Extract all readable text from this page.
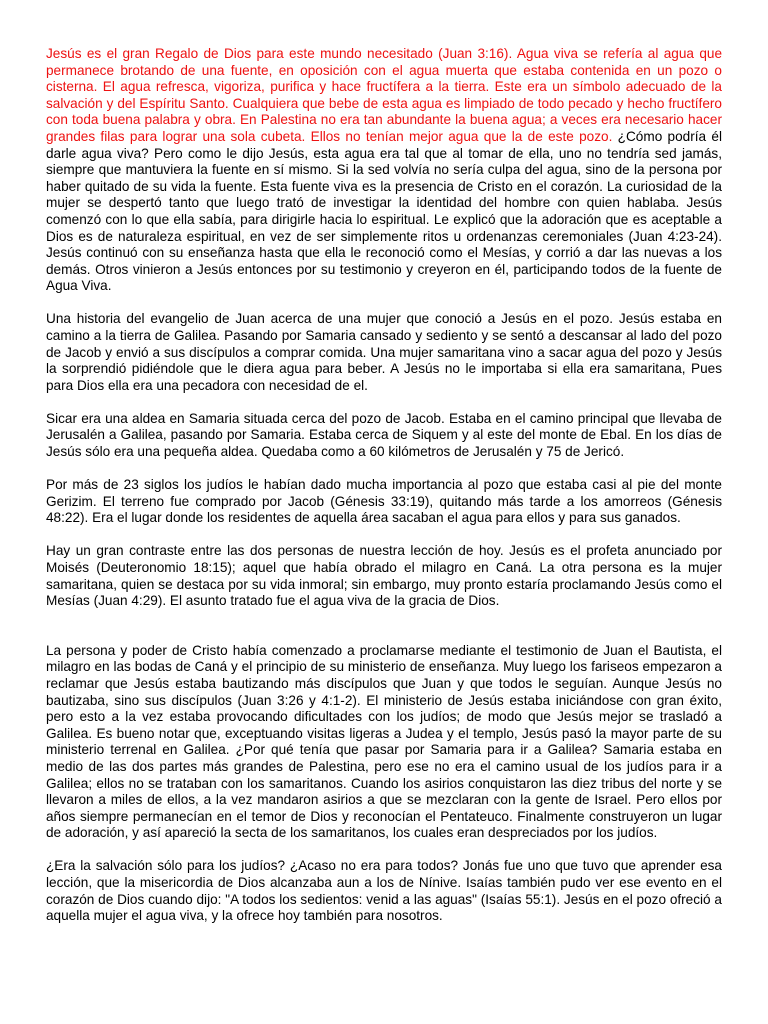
Jesús es el gran Regalo de Dios para este mundo necesitado (Juan 3:16). Agua viva se refería al agua que permanece brotando de una fuente, en oposición con el agua muerta que estaba contenida en un pozo o cisterna. El agua refresca, vigoriza, purifica y hace fructífera a la tierra. Este era un símbolo adecuado de la salvación y del Espíritu Santo. Cualquiera que bebe de esta agua es limpiado de todo pecado y hecho fructífero con toda buena palabra y obra. En Palestina no era tan abundante la buena agua; a veces era necesario hacer grandes filas para lograr una sola cubeta. Ellos no tenían mejor agua que la de este pozo. ¿Cómo podría él darle agua viva? Pero como le dijo Jesús, esta agua era tal que al tomar de ella, uno no tendría sed jamás, siempre que mantuviera la fuente en sí mismo. Si la sed volvía no sería culpa del agua, sino de la persona por haber quitado de su vida la fuente. Esta fuente viva es la presencia de Cristo en el corazón. La curiosidad de la mujer se despertó tanto que luego trató de investigar la identidad del hombre con quien hablaba. Jesús comenzó con lo que ella sabía, para dirigirle hacia lo espiritual. Le explicó que la adoración que es aceptable a Dios es de naturaleza espiritual, en vez de ser simplemente ritos u ordenanzas ceremoniales (Juan 4:23-24). Jesús continuó con su enseñanza hasta que ella le reconoció como el Mesías, y corrió a dar las nuevas a los demás. Otros vinieron a Jesús entonces por su testimonio y creyeron en él, participando todos de la fuente de Agua Viva.

Una historia del evangelio de Juan acerca de una mujer que conoció a Jesús en el pozo. Jesús estaba en camino a la tierra de Galilea. Pasando por Samaria cansado y sediento y se sentó a descansar al lado del pozo de Jacob y envió a sus discípulos a comprar comida. Una mujer samaritana vino a sacar agua del pozo y Jesús la sorprendió pidiéndole que le diera agua para beber. A Jesús no le importaba si ella era samaritana, Pues para Dios ella era una pecadora con necesidad de el.

Sicar era una aldea en Samaria situada cerca del pozo de Jacob. Estaba en el camino principal que llevaba de Jerusalén a Galilea, pasando por Samaria. Estaba cerca de Siquem y al este del monte de Ebal. En los días de Jesús sólo era una pequeña aldea. Quedaba como a 60 kilómetros de Jerusalén y 75 de Jericó.

Por más de 23 siglos los judíos le habían dado mucha importancia al pozo que estaba casi al pie del monte Gerizim. El terreno fue comprado por Jacob (Génesis 33:19), quitando más tarde a los amorreos (Génesis 48:22). Era el lugar donde los residentes de aquella área sacaban el agua para ellos y para sus ganados.

Hay un gran contraste entre las dos personas de nuestra lección de hoy. Jesús es el profeta anunciado por Moisés (Deuteronomio 18:15); aquel que había obrado el milagro en Caná. La otra persona es la mujer samaritana, quien se destaca por su vida inmoral; sin embargo, muy pronto estaría proclamando Jesús como el Mesías (Juan 4:29). El asunto tratado fue el agua viva de la gracia de Dios.

La persona y poder de Cristo había comenzado a proclamarse mediante el testimonio de Juan el Bautista, el milagro en las bodas de Caná y el principio de su ministerio de enseñanza. Muy luego los fariseos empezaron a reclamar que Jesús estaba bautizando más discípulos que Juan y que todos le seguían. Aunque Jesús no bautizaba, sino sus discípulos (Juan 3:26 y 4:1-2). El ministerio de Jesús estaba iniciándose con gran éxito, pero esto a la vez estaba provocando dificultades con los judíos; de modo que Jesús mejor se trasladó a Galilea. Es bueno notar que, exceptuando visitas ligeras a Judea y el templo, Jesús pasó la mayor parte de su ministerio terrenal en Galilea. ¿Por qué tenía que pasar por Samaria para ir a Galilea? Samaria estaba en medio de las dos partes más grandes de Palestina, pero ese no era el camino usual de los judíos para ir a Galilea; ellos no se trataban con los samaritanos. Cuando los asirios conquistaron las diez tribus del norte y se llevaron a miles de ellos, a la vez mandaron asirios a que se mezclaran con la gente de Israel. Pero ellos por años siempre permanecían en el temor de Dios y reconocían el Pentateuco. Finalmente construyeron un lugar de adoración, y así apareció la secta de los samaritanos, los cuales eran despreciados por los judíos.

¿Era la salvación sólo para los judíos? ¿Acaso no era para todos? Jonás fue uno que tuvo que aprender esa lección, que la misericordia de Dios alcanzaba aun a los de Nínive. Isaías también pudo ver ese evento en el corazón de Dios cuando dijo: "A todos los sedientos: venid a las aguas" (Isaías 55:1). Jesús en el pozo ofreció a aquella mujer el agua viva, y la ofrece hoy también para nosotros.
